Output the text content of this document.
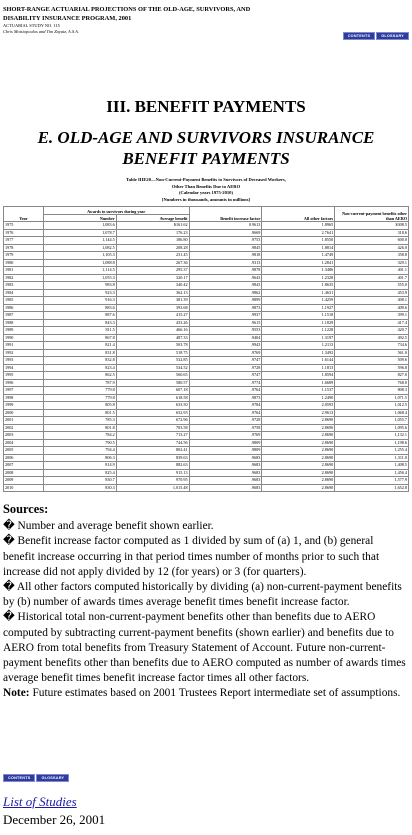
SHORT-RANGE ACTUARIAL PROJECTIONS OF THE OLD-AGE, SURVIVORS, AND
DISABILITY INSURANCE PROGRAM, 2001
ACTUARIAL STUDY NO. 115
Chris Motsiopoulos and Tim Zayatz, A.S.A.
CONTENTS	GLOSSARY
III. BENEFIT PAYMENTS
E. OLD-AGE AND SURVIVORS INSURANCE
BENEFIT PAYMENTS
Table IIIE20—Non-Current-Payment Benefits to Survivors of Deceased Workers,
Other Than Benefits Due to AERO
(Calendar years 1975-2010)
[Numbers in thousands, amounts in millions]
Year	Awards to survivors during year		Benefit increase factor	All other factors	Non-current-payment benefits other than AERO
	Number	Average benefit			
1975	1,083.6	$161.62	0.9613	1.8965	$308.5
1976	1,078.7	176.23	.9669	2.7641	318.6
1977	1,144.5	186.80	.9753	1.8550	600.0
1978	1,082.5	208.28	.9845	1.8814	426.0
1979	1,105.3	231.45	.9818	1.4749	358.8
1980	1,088.8	267.36	.9313	1.2841	329.1
1981	1,114.5	295.37	.9878	1.3486	401.1
1982	1,055.3	320.17	.9643	1.2328	401.7
1983	983.8	340.42	.9843	1.8635	555.0
1984	923.3	362.13	.9862	1.4631	453.9
1985	916.3	381.39	.9899	1.4259	408.1
1986	883.6	393.68	.9873	1.1927	409.6
1987	887.6	415.27	.9937	1.1518	399.1
1988	843.3	433.26	.9615	1.1829	417.4
1989	811.5	466.16	.9553	1.1228	420.7
1990	867.8	487.33	.9404	1.3197	492.5
1991	821.4	503.78	.9943	1.2113	734.6
1992	831.8	518.75	.9769	1.3492	561.0
1993	832.8	532.85	.9747	1.6144	509.6
1994	823.4	534.52	.9728	1.1813	596.8
1995	862.5	560.65	.9747	1.8594	827.0
1996	787.9	580.57	.9774	1.6689	768.0
1997	779.8	607.18	.9764	1.1537	808.3
1998	779.8	618.58	.9873	1.2490	1,071.5
1999	805.8	633.50	.9784	2.0593	1,012.5
2000	801.5	652.93	.9764	2.9613	1,068.4
2001	785.3	672.96	.9728	2.8690	1,055.7
2002	801.8	703.58	.9758	2.8690	1,095.6
2003	784.2	713.27	.9769	2.8690	1,132.1
2004	790.5	744.56	.9809	2.8690	1,198.6
2005	794.4	802.41	.9809	2.8690	1,255.4
2006	806.3	839.63	.9683	2.8690	1,311.0
2007	814.9	882.63	.9683	2.8690	1,408.5
2008	825.4	915.13	.9683	2.8690	1,456.4
2009	830.7	970.95	.9683	2.8690	1,577.9
2010	830.3	1,015.48	.9683	2.8690	1,652.8

Sources:

� Number and average benefit shown earlier.

� Benefit increase factor computed as 1 divided by sum of (a) 1, and (b) general benefit increase occurring in that period times number of months prior to such that increase did not apply divided by 12 (for years) or 3 (for quarters).

� All other factors computed historically by dividing (a) non-current-payment benefits by (b) number of awards times average benefit times benefit increase factor.

� Historical total non-current-payment benefits other than benefits due to AERO computed by subtracting current-payment benefits (shown earlier) and benefits due to AERO from total benefits from Treasury Statement of Account. Future non-current-payment benefits other than benefits due to AERO computed as number of awards times average benefit times benefit increase factor times all other factors.

Note: Future estimates based on 2001 Trustees Report intermediate set of assumptions.

CONTENTS	GLOSSARY
List of Studies
December 26, 2001
